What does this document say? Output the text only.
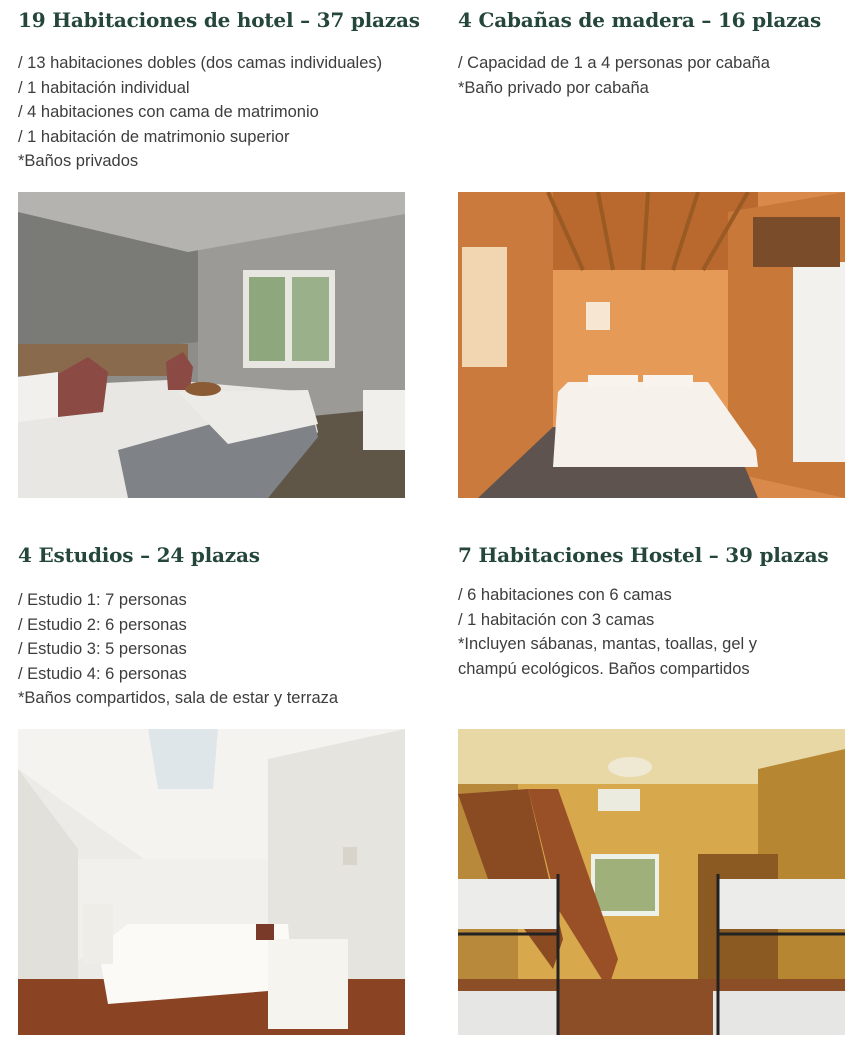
19 Habitaciones de hotel – 37 plazas
/ 13 habitaciones dobles (dos camas individuales)
/ 1 habitación individual
/ 4 habitaciones con cama de matrimonio
/ 1 habitación de matrimonio superior
*Baños privados
4 Cabañas de madera – 16 plazas
/ Capacidad de 1 a 4 personas por cabaña
*Baño privado por cabaña
4 Estudios – 24 plazas
/ Estudio 1: 7 personas
/ Estudio 2: 6 personas
/ Estudio 3: 5 personas
/ Estudio 4: 6 personas
*Baños compartidos, sala de estar y terraza
7 Habitaciones Hostel – 39 plazas
/ 6 habitaciones con 6 camas
/ 1 habitación con 3 camas
*Incluyen sábanas, mantas, toallas, gel y
champú ecológicos. Baños compartidos
